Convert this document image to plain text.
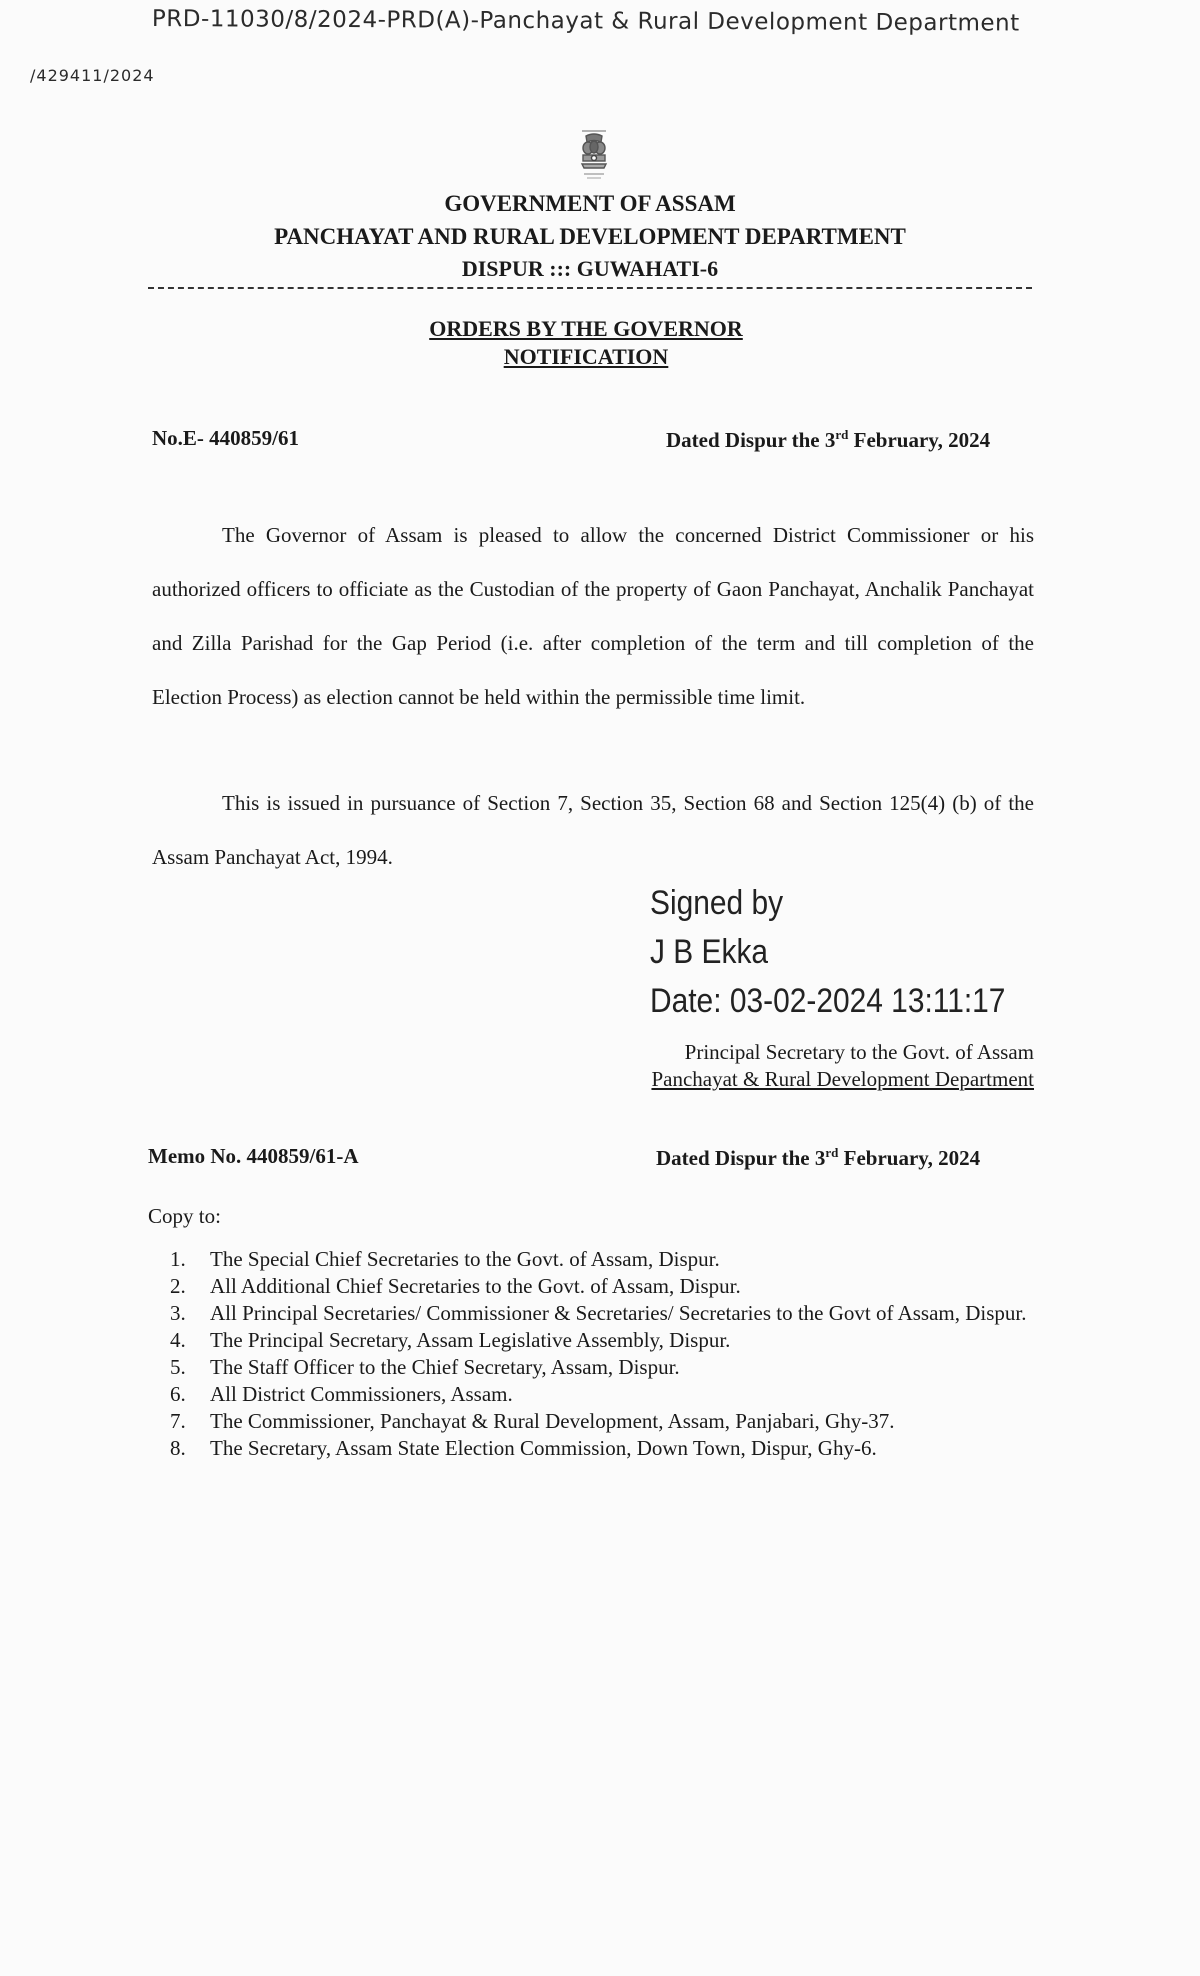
PRD-11030/8/2024-PRD(A)-Panchayat & Rural Development Department
/429411/2024
GOVERNMENT OF ASSAM
PANCHAYAT AND RURAL DEVELOPMENT DEPARTMENT
DISPUR ::: GUWAHATI-6
ORDERS BY THE GOVERNOR
NOTIFICATION
No.E- 440859/61	Dated Dispur the 3rd February, 2024
The Governor of Assam is pleased to allow the concerned District Commissioner or his authorized officers to officiate as the Custodian of the property of Gaon Panchayat, Anchalik Panchayat and Zilla Parishad for the Gap Period (i.e. after completion of the term and till completion of the Election Process) as election cannot be held within the permissible time limit.
This is issued in pursuance of Section 7, Section 35, Section 68 and Section 125(4) (b) of the Assam Panchayat Act, 1994.
Signed by
J B Ekka
Date: 03-02-2024 13:11:17
Principal Secretary to the Govt. of Assam
Panchayat & Rural Development Department
Memo No. 440859/61-A	Dated Dispur the 3rd February, 2024
Copy to:
1.	The Special Chief Secretaries to the Govt. of Assam, Dispur.
2.	All Additional Chief Secretaries to the Govt. of Assam, Dispur.
3.	All Principal Secretaries/ Commissioner & Secretaries/ Secretaries to the Govt of Assam, Dispur.
4.	The Principal Secretary, Assam Legislative Assembly, Dispur.
5.	The Staff Officer to the Chief Secretary, Assam, Dispur.
6.	All District Commissioners, Assam.
7.	The Commissioner, Panchayat & Rural Development, Assam, Panjabari, Ghy-37.
8.	The Secretary, Assam State Election Commission, Down Town, Dispur, Ghy-6.
